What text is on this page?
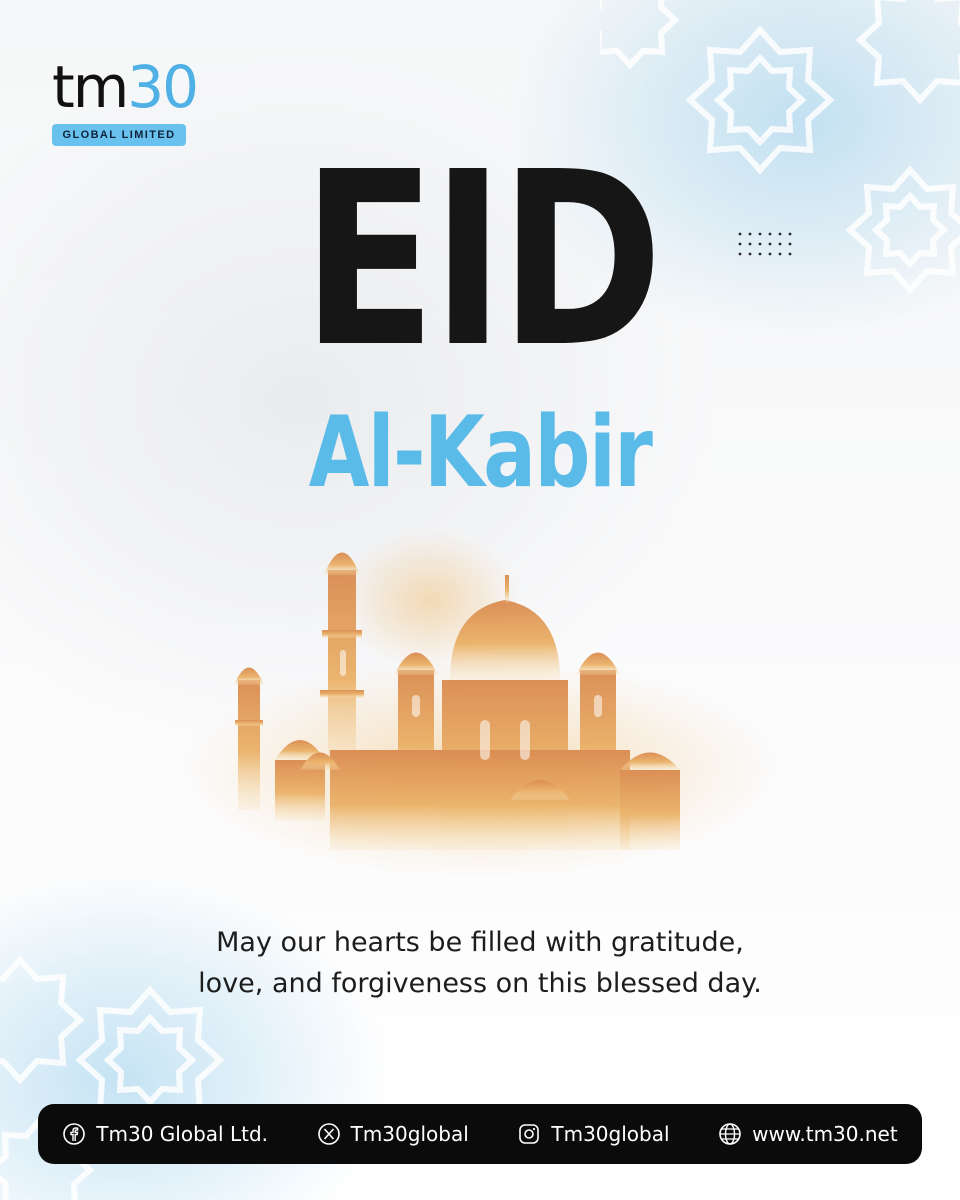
tm30
GLOBAL LIMITED EID
Al-Kabir
May our hearts be filled with gratitude, love, and forgiveness on this blessed day.
Tm30 Global Ltd.	Tm30global	Tm30global	www.tm30.net
